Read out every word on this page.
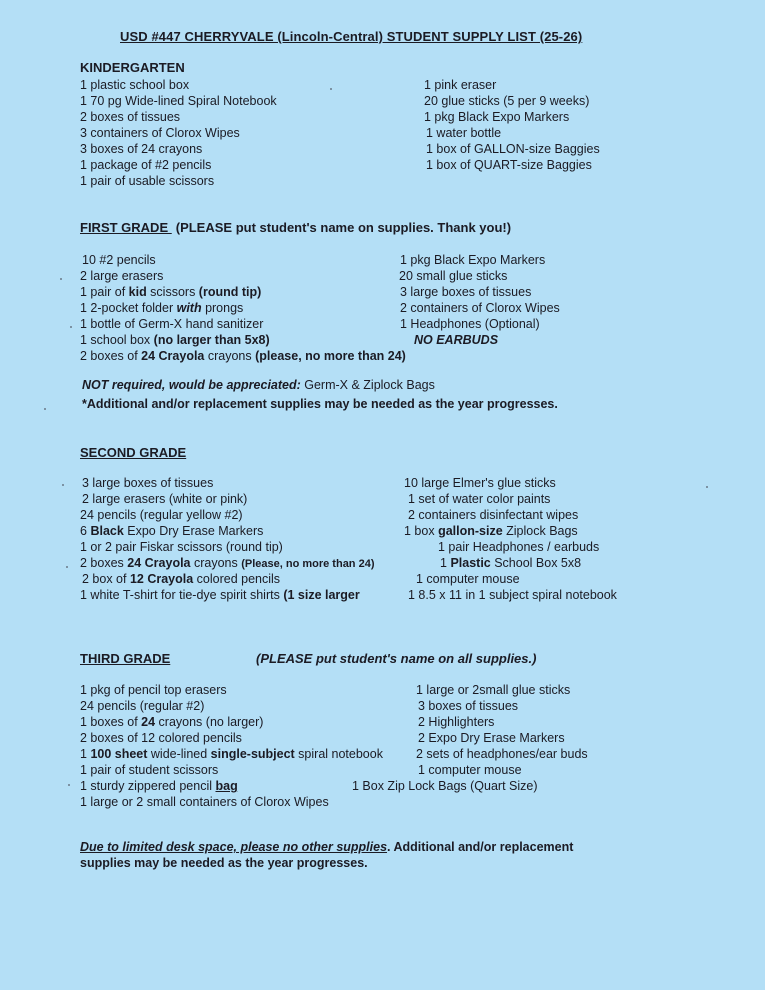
USD #447 CHERRYVALE (Lincoln-Central) STUDENT SUPPLY LIST (25-26)
KINDERGARTEN
1 plastic school box
1 70 pg Wide-lined Spiral Notebook
2 boxes of tissues
3 containers of Clorox Wipes
3 boxes of 24 crayons
1 package of #2 pencils
1 pair of usable scissors
1 pink eraser
20 glue sticks (5 per 9 weeks)
1 pkg Black Expo Markers
1 water bottle
1 box of GALLON-size Baggies
1 box of QUART-size Baggies
FIRST GRADE (PLEASE put student's name on supplies. Thank you!)
10 #2 pencils
2 large erasers
1 pair of kid scissors (round tip)
1 2-pocket folder with prongs
1 bottle of Germ-X hand sanitizer
1 school box (no larger than 5x8)
2 boxes of 24 Crayola crayons (please, no more than 24)
1 pkg Black Expo Markers
20 small glue sticks
3 large boxes of tissues
2 containers of Clorox Wipes
1 Headphones (Optional)
NO EARBUDS
NOT required, would be appreciated: Germ-X & Ziplock Bags
*Additional and/or replacement supplies may be needed as the year progresses.
SECOND GRADE
3 large boxes of tissues
2 large erasers (white or pink)
24 pencils (regular yellow #2)
6 Black Expo Dry Erase Markers
1 or 2 pair Fiskar scissors (round tip)
2 boxes 24 Crayola crayons (Please, no more than 24)
2 box of 12 Crayola colored pencils
1 white T-shirt for tie-dye spirit shirts (1 size larger
10 large Elmer's glue sticks
1 set of water color paints
2 containers disinfectant wipes
1 box gallon-size Ziplock Bags
1 pair Headphones / earbuds
1 Plastic School Box 5x8
1 computer mouse
1 8.5 x 11 in 1 subject spiral notebook
THIRD GRADE	(PLEASE put student's name on all supplies.)
1 pkg of pencil top erasers
24 pencils (regular #2)
1 boxes of 24 crayons (no larger)
2 boxes of 12 colored pencils
1 100 sheet wide-lined single-subject spiral notebook
1 pair of student scissors
1 sturdy zippered pencil bag
1 large or 2 small containers of Clorox Wipes
1 large or 2small glue sticks
3 boxes of tissues
2 Highlighters
2 Expo Dry Erase Markers
2 sets of headphones/ear buds
1 computer mouse
1 Box Zip Lock Bags (Quart Size)
Due to limited desk space, please no other supplies. Additional and/or replacement
supplies may be needed as the year progresses.
